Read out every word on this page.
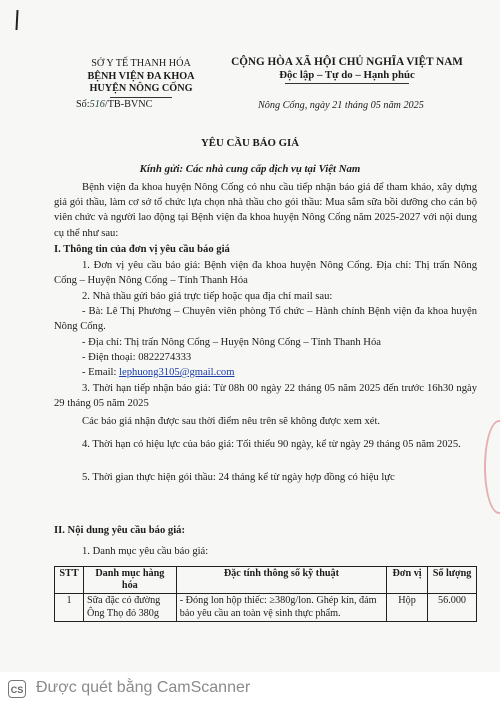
SỞ Y TẾ THANH HÓA
BỆNH VIỆN ĐA KHOA
HUYỆN NÔNG CỐNG
CỘNG HÒA XÃ HỘI CHỦ NGHĨA VIỆT NAM
Độc lập – Tự do – Hạnh phúc
Số:516/TB-BVNC	Nông Cống, ngày 21 tháng 05 năm 2025
YÊU CẦU BÁO GIÁ
Kính gửi: Các nhà cung cấp dịch vụ tại Việt Nam
Bệnh viện đa khoa huyện Nông Cống có nhu cầu tiếp nhận báo giá để tham khảo, xây dựng giá gói thầu, làm cơ sở tổ chức lựa chọn nhà thầu cho gói thầu: Mua sắm sữa bồi dưỡng cho cán bộ viên chức và người lao động tại Bệnh viện đa khoa huyện Nông Cống năm 2025-2027 với nội dung cụ thể như sau:
I. Thông tin của đơn vị yêu cầu báo giá
1. Đơn vị yêu cầu báo giá: Bệnh viện đa khoa huyện Nông Cống. Địa chỉ: Thị trấn Nông Cống – Huyện Nông Cống – Tỉnh Thanh Hóa
2. Nhà thầu gửi báo giá trực tiếp hoặc qua địa chỉ mail sau:
- Bà: Lê Thị Phương – Chuyên viên phòng Tổ chức – Hành chính Bệnh viện đa khoa huyện Nông Cống.
- Địa chỉ: Thị trấn Nông Cống – Huyện Nông Cống – Tỉnh Thanh Hóa
- Điện thoại: 0822274333
- Email: lephuong3105@gmail.com
3. Thời hạn tiếp nhận báo giá: Từ 08h 00 ngày 22 tháng 05 năm 2025 đến trước 16h30 ngày 29 tháng 05 năm 2025
Các báo giá nhận được sau thời điểm nêu trên sẽ không được xem xét.
4. Thời hạn có hiệu lực của báo giá: Tối thiểu 90 ngày, kể từ ngày 29 tháng 05 năm 2025.
5. Thời gian thực hiện gói thầu: 24 tháng kể từ ngày hợp đồng có hiệu lực
II. Nội dung yêu cầu báo giá:
1. Danh mục yêu cầu báo giá:
STT	Danh mục hàng hóa	Đặc tính thông số kỹ thuật	Đơn vị	Số lượng
1	Sữa đặc có đường Ông Thọ đỏ 380g	- Đóng lon hộp thiếc: ≥380g/lon. Ghép kín, đảm bảo yêu cầu an toàn vệ sinh thực phẩm.	Hộp	56.000
CS Được quét bằng CamScanner
